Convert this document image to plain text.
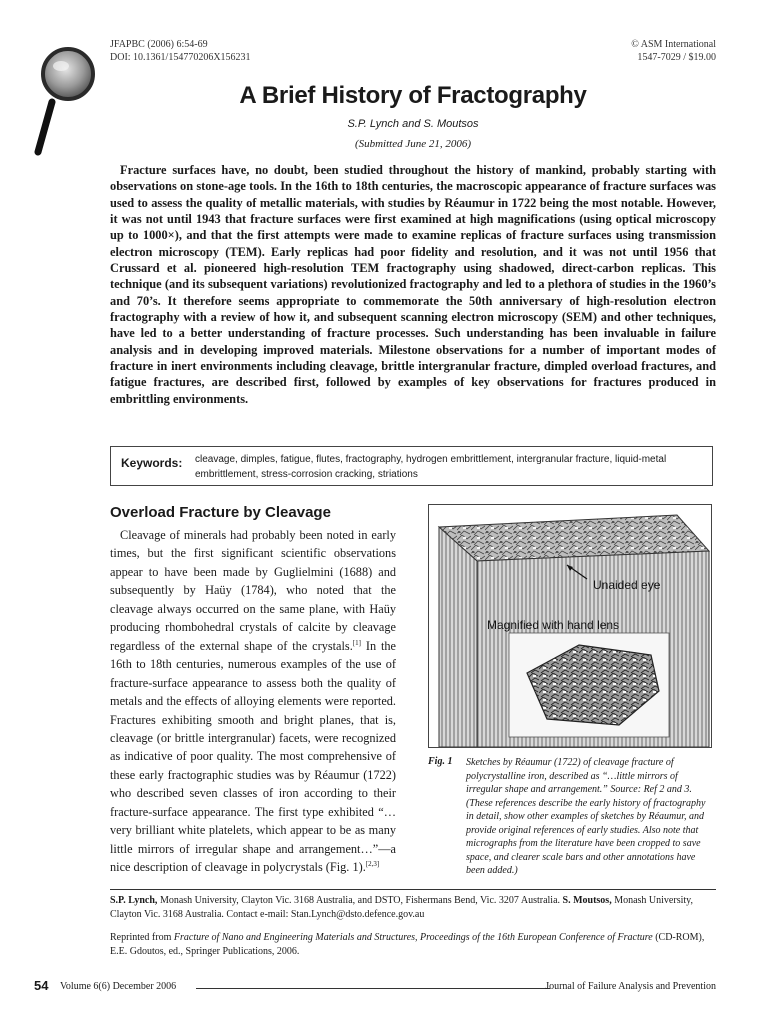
JFAPBC (2006) 6:54-69
DOI: 10.1361/154770206X156231
© ASM International
1547-7029 / $19.00
A Brief History of Fractography
S.P. Lynch and S. Moutsos
(Submitted June 21, 2006)
Fracture surfaces have, no doubt, been studied throughout the history of mankind, probably starting with observations on stone-age tools. In the 16th to 18th centuries, the macroscopic appearance of fracture surfaces was used to assess the quality of metallic materials, with studies by Réaumur in 1722 being the most notable. However, it was not until 1943 that fracture surfaces were first examined at high magnifications (using optical microscopy up to 1000×), and that the first attempts were made to examine replicas of fracture surfaces using transmission electron microscopy (TEM). Early replicas had poor fidelity and resolution, and it was not until 1956 that Crussard et al. pioneered high-resolution TEM fractography using shadowed, direct-carbon replicas. This technique (and its subsequent variations) revolutionized fractography and led to a plethora of studies in the 1960’s and 70’s. It therefore seems appropriate to commemorate the 50th anniversary of high-resolution electron fractography with a review of how it, and subsequent scanning electron microscopy (SEM) and other techniques, have led to a better understanding of fracture processes. Such understanding has been invaluable in failure analysis and in developing improved materials. Milestone observations for a number of important modes of fracture in inert environments including cleavage, brittle intergranular fracture, dimpled overload fractures, and fatigue fractures, are described first, followed by examples of key observations for fractures produced in embrittling environments.
Keywords: cleavage, dimples, fatigue, flutes, fractography, hydrogen embrittlement, intergranular fracture, liquid-metal embrittlement, stress-corrosion cracking, striations
Overload Fracture by Cleavage
Cleavage of minerals had probably been noted in early times, but the first significant scientific observations appear to have been made by Guglielmini (1688) and subsequently by Haüy (1784), who noted that the cleavage always occurred on the same plane, with Haüy producing rhombohedral crystals of calcite by cleavage regardless of the external shape of the crystals.[1] In the 16th to 18th centuries, numerous examples of the use of fracture-surface appearance to assess both the quality of metals and the effects of alloying elements were reported. Fractures exhibiting smooth and bright planes, that is, cleavage (or brittle intergranular) facets, were recognized as indicative of poor quality. The most comprehensive of these early fractographic studies was by Réaumur (1722) who described seven classes of iron according to their fracture-surface appearance. The first type exhibited “…very brilliant white platelets, which appear to be as many little mirrors of irregular shape and arrangement…”—a nice description of cleavage in polycrystals (Fig. 1).[2,3]
Unaided eye
Magnified with hand lens
Fig. 1 Sketches by Réaumur (1722) of cleavage fracture of polycrystalline iron, described as “…little mirrors of irregular shape and arrangement.” Source: Ref 2 and 3. (These references describe the early history of fractography in detail, show other examples of sketches by Réaumur, and provide original references of early studies. Also note that micrographs from the literature have been cropped to save space, and clearer scale bars and other annotations have been added.)
S.P. Lynch, Monash University, Clayton Vic. 3168 Australia, and DSTO, Fishermans Bend, Vic. 3207 Australia. S. Moutsos, Monash University, Clayton Vic. 3168 Australia. Contact e-mail: Stan.Lynch@dsto.defence.gov.au
Reprinted from Fracture of Nano and Engineering Materials and Structures, Proceedings of the 16th European Conference of Fracture (CD-ROM), E.E. Gdoutos, ed., Springer Publications, 2006.
54 Volume 6(6) December 2006	Journal of Failure Analysis and Prevention
